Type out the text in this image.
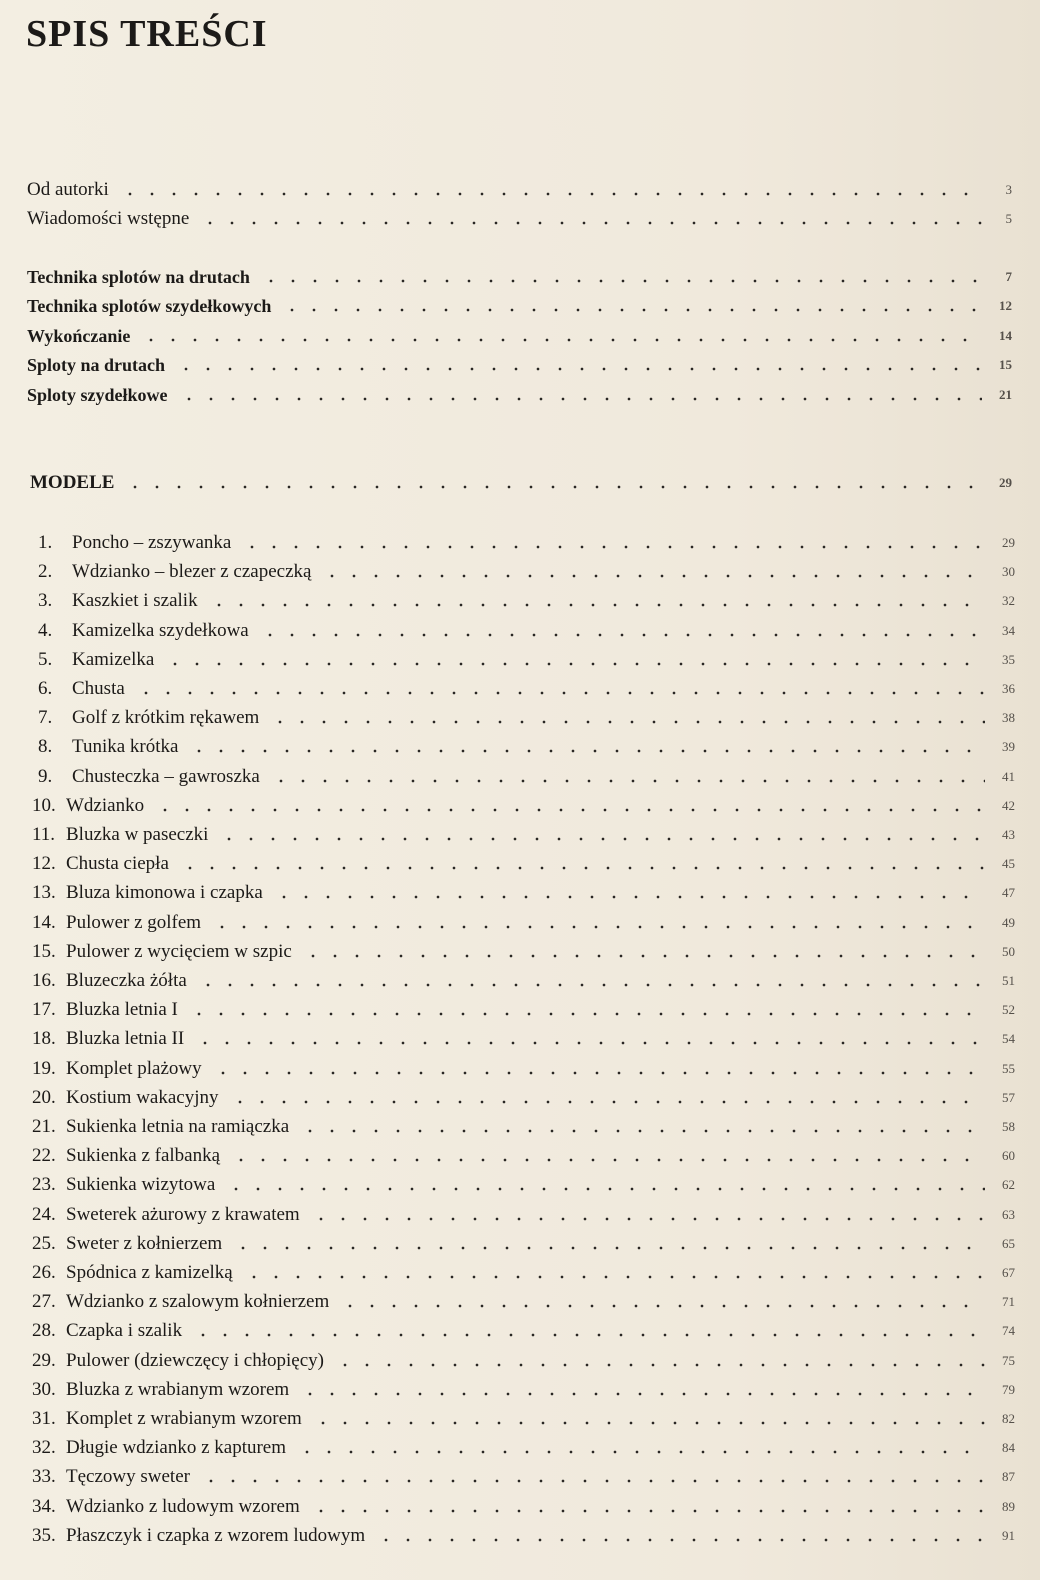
SPIS TREŚCI
Od autorki	3
Wiadomości wstępne	5
Technika splotów na drutach	7
Technika splotów szydełkowych	12
Wykończanie	14
Sploty na drutach	15
Sploty szydełkowe	21
MODELE	29
1. Poncho – zszywanka	29
2. Wdzianko – blezer z czapeczką	30
3. Kaszkiet i szalik	32
4. Kamizelka szydełkowa	34
5. Kamizelka	35
6. Chusta	36
7. Golf z krótkim rękawem	38
8. Tunika krótka	39
9. Chusteczka – gawroszka	41
10. Wdzianko	42
11. Bluzka w paseczki	43
12. Chusta ciepła	45
13. Bluza kimonowa i czapka	47
14. Pulower z golfem	49
15. Pulower z wycięciem w szpic	50
16. Bluzeczka żółta	51
17. Bluzka letnia I	52
18. Bluzka letnia II	54
19. Komplet plażowy	55
20. Kostium wakacyjny	57
21. Sukienka letnia na ramiączka	58
22. Sukienka z falbanką	60
23. Sukienka wizytowa	62
24. Sweterek ażurowy z krawatem	63
25. Sweter z kołnierzem	65
26. Spódnica z kamizelką	67
27. Wdzianko z szalowym kołnierzem	71
28. Czapka i szalik	74
29. Pulower (dziewczęcy i chłopięcy)	75
30. Bluzka z wrabianym wzorem	79
31. Komplet z wrabianym wzorem	82
32. Długie wdzianko z kapturem	84
33. Tęczowy sweter	87
34. Wdzianko z ludowym wzorem	89
35. Płaszczyk i czapka z wzorem ludowym	91
